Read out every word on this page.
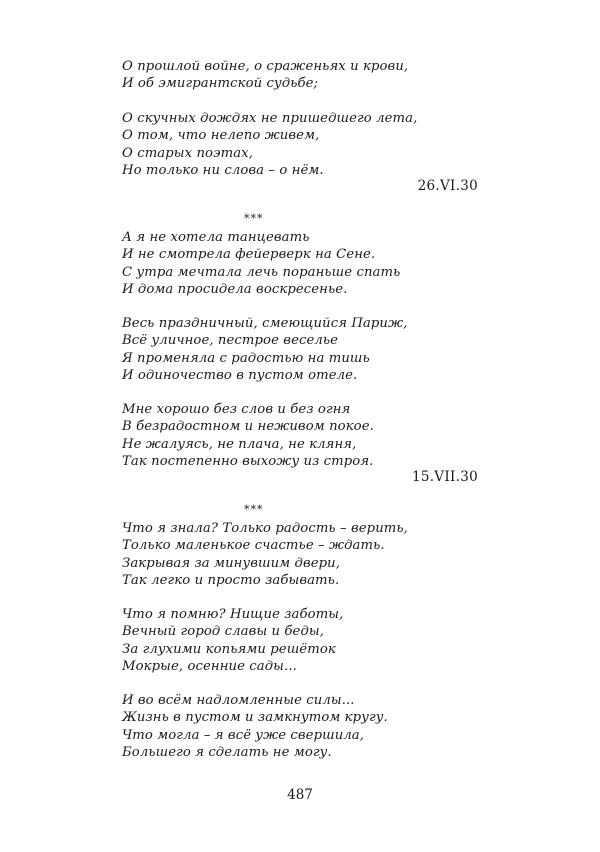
О прошлой войне, о сраженьях и крови,
И об эмигрантской судьбе;
О скучных дождях не пришедшего лета,
О том, что нелепо живем,
О старых поэтах,
Но только ни слова – о нём.
26.VI.30
***
А я не хотела танцевать
И не смотрела фейерверк на Сене.
С утра мечтала лечь пораньше спать
И дома просидела воскресенье.
Весь праздничный, смеющийся Париж,
Всё уличное, пестрое веселье
Я променяла с радостью на тишь
И одиночество в пустом отеле.
Мне хорошо без слов и без огня
В безрадостном и неживом покое.
Не жалуясь, не плача, не кляня,
Так постепенно выхожу из строя.
15.VII.30
***
Что я знала? Только радость – верить,
Только маленькое счастье – ждать.
Закрывая за минувшим двери,
Так легко и просто забывать.
Что я помню? Нищие заботы,
Вечный город славы и беды,
За глухими копьями решёток
Мокрые, осенние сады...
И во всём надломленные силы...
Жизнь в пустом и замкнутом кругу.
Что могла – я всё уже свершила,
Большего я сделать не могу.
487
